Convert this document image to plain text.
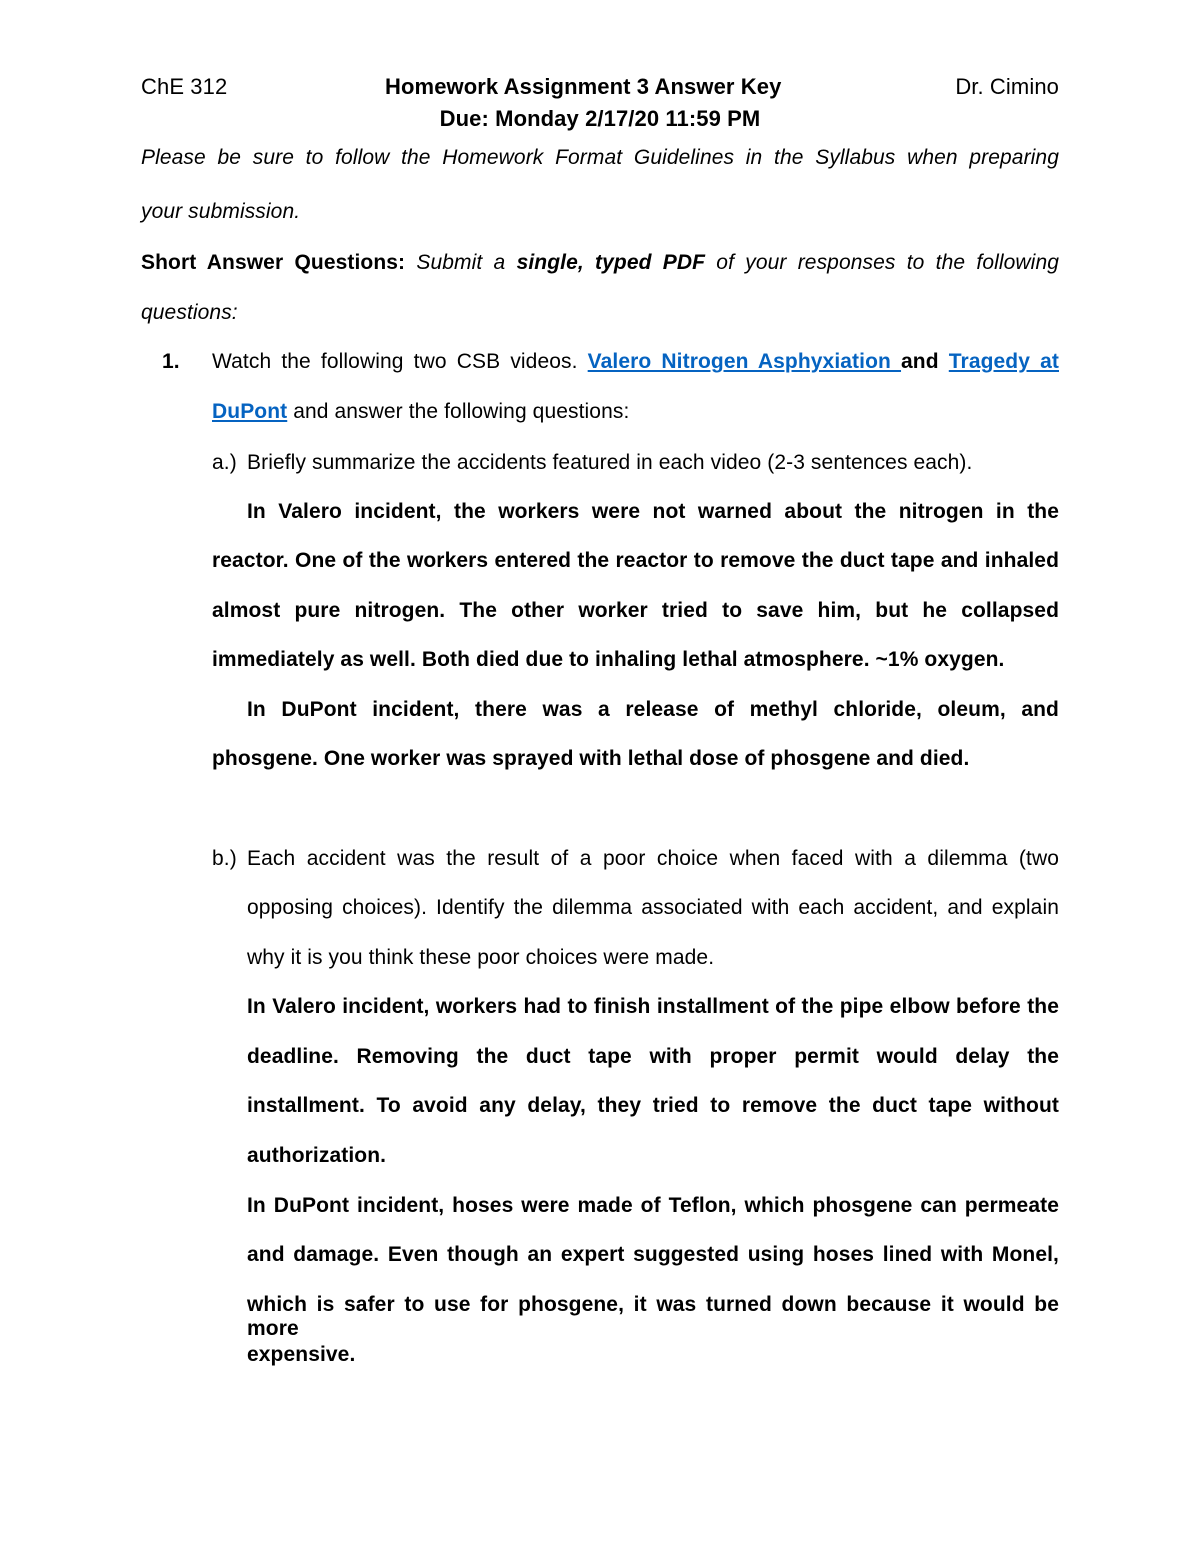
ChE 312	Homework Assignment 3 Answer Key	Dr. Cimino
Due: Monday 2/17/20 11:59 PM
Please be sure to follow the Homework Format Guidelines in the Syllabus when preparing
your submission.
Short Answer Questions: Submit a single, typed PDF of your responses to the following
questions:
1. Watch the following two CSB videos. Valero Nitrogen Asphyxiation and Tragedy at
DuPont and answer the following questions:
a.) Briefly summarize the accidents featured in each video (2-3 sentences each).
In Valero incident, the workers were not warned about the nitrogen in the
reactor. One of the workers entered the reactor to remove the duct tape and inhaled
almost pure nitrogen. The other worker tried to save him, but he collapsed
immediately as well. Both died due to inhaling lethal atmosphere. ~1% oxygen.
In DuPont incident, there was a release of methyl chloride, oleum, and
phosgene. One worker was sprayed with lethal dose of phosgene and died.
b.) Each accident was the result of a poor choice when faced with a dilemma (two
opposing choices). Identify the dilemma associated with each accident, and explain
why it is you think these poor choices were made.
In Valero incident, workers had to finish installment of the pipe elbow before the
deadline. Removing the duct tape with proper permit would delay the
installment. To avoid any delay, they tried to remove the duct tape without
authorization.
In DuPont incident, hoses were made of Teflon, which phosgene can permeate
and damage. Even though an expert suggested using hoses lined with Monel,
which is safer to use for phosgene, it was turned down because it would be more
expensive.
